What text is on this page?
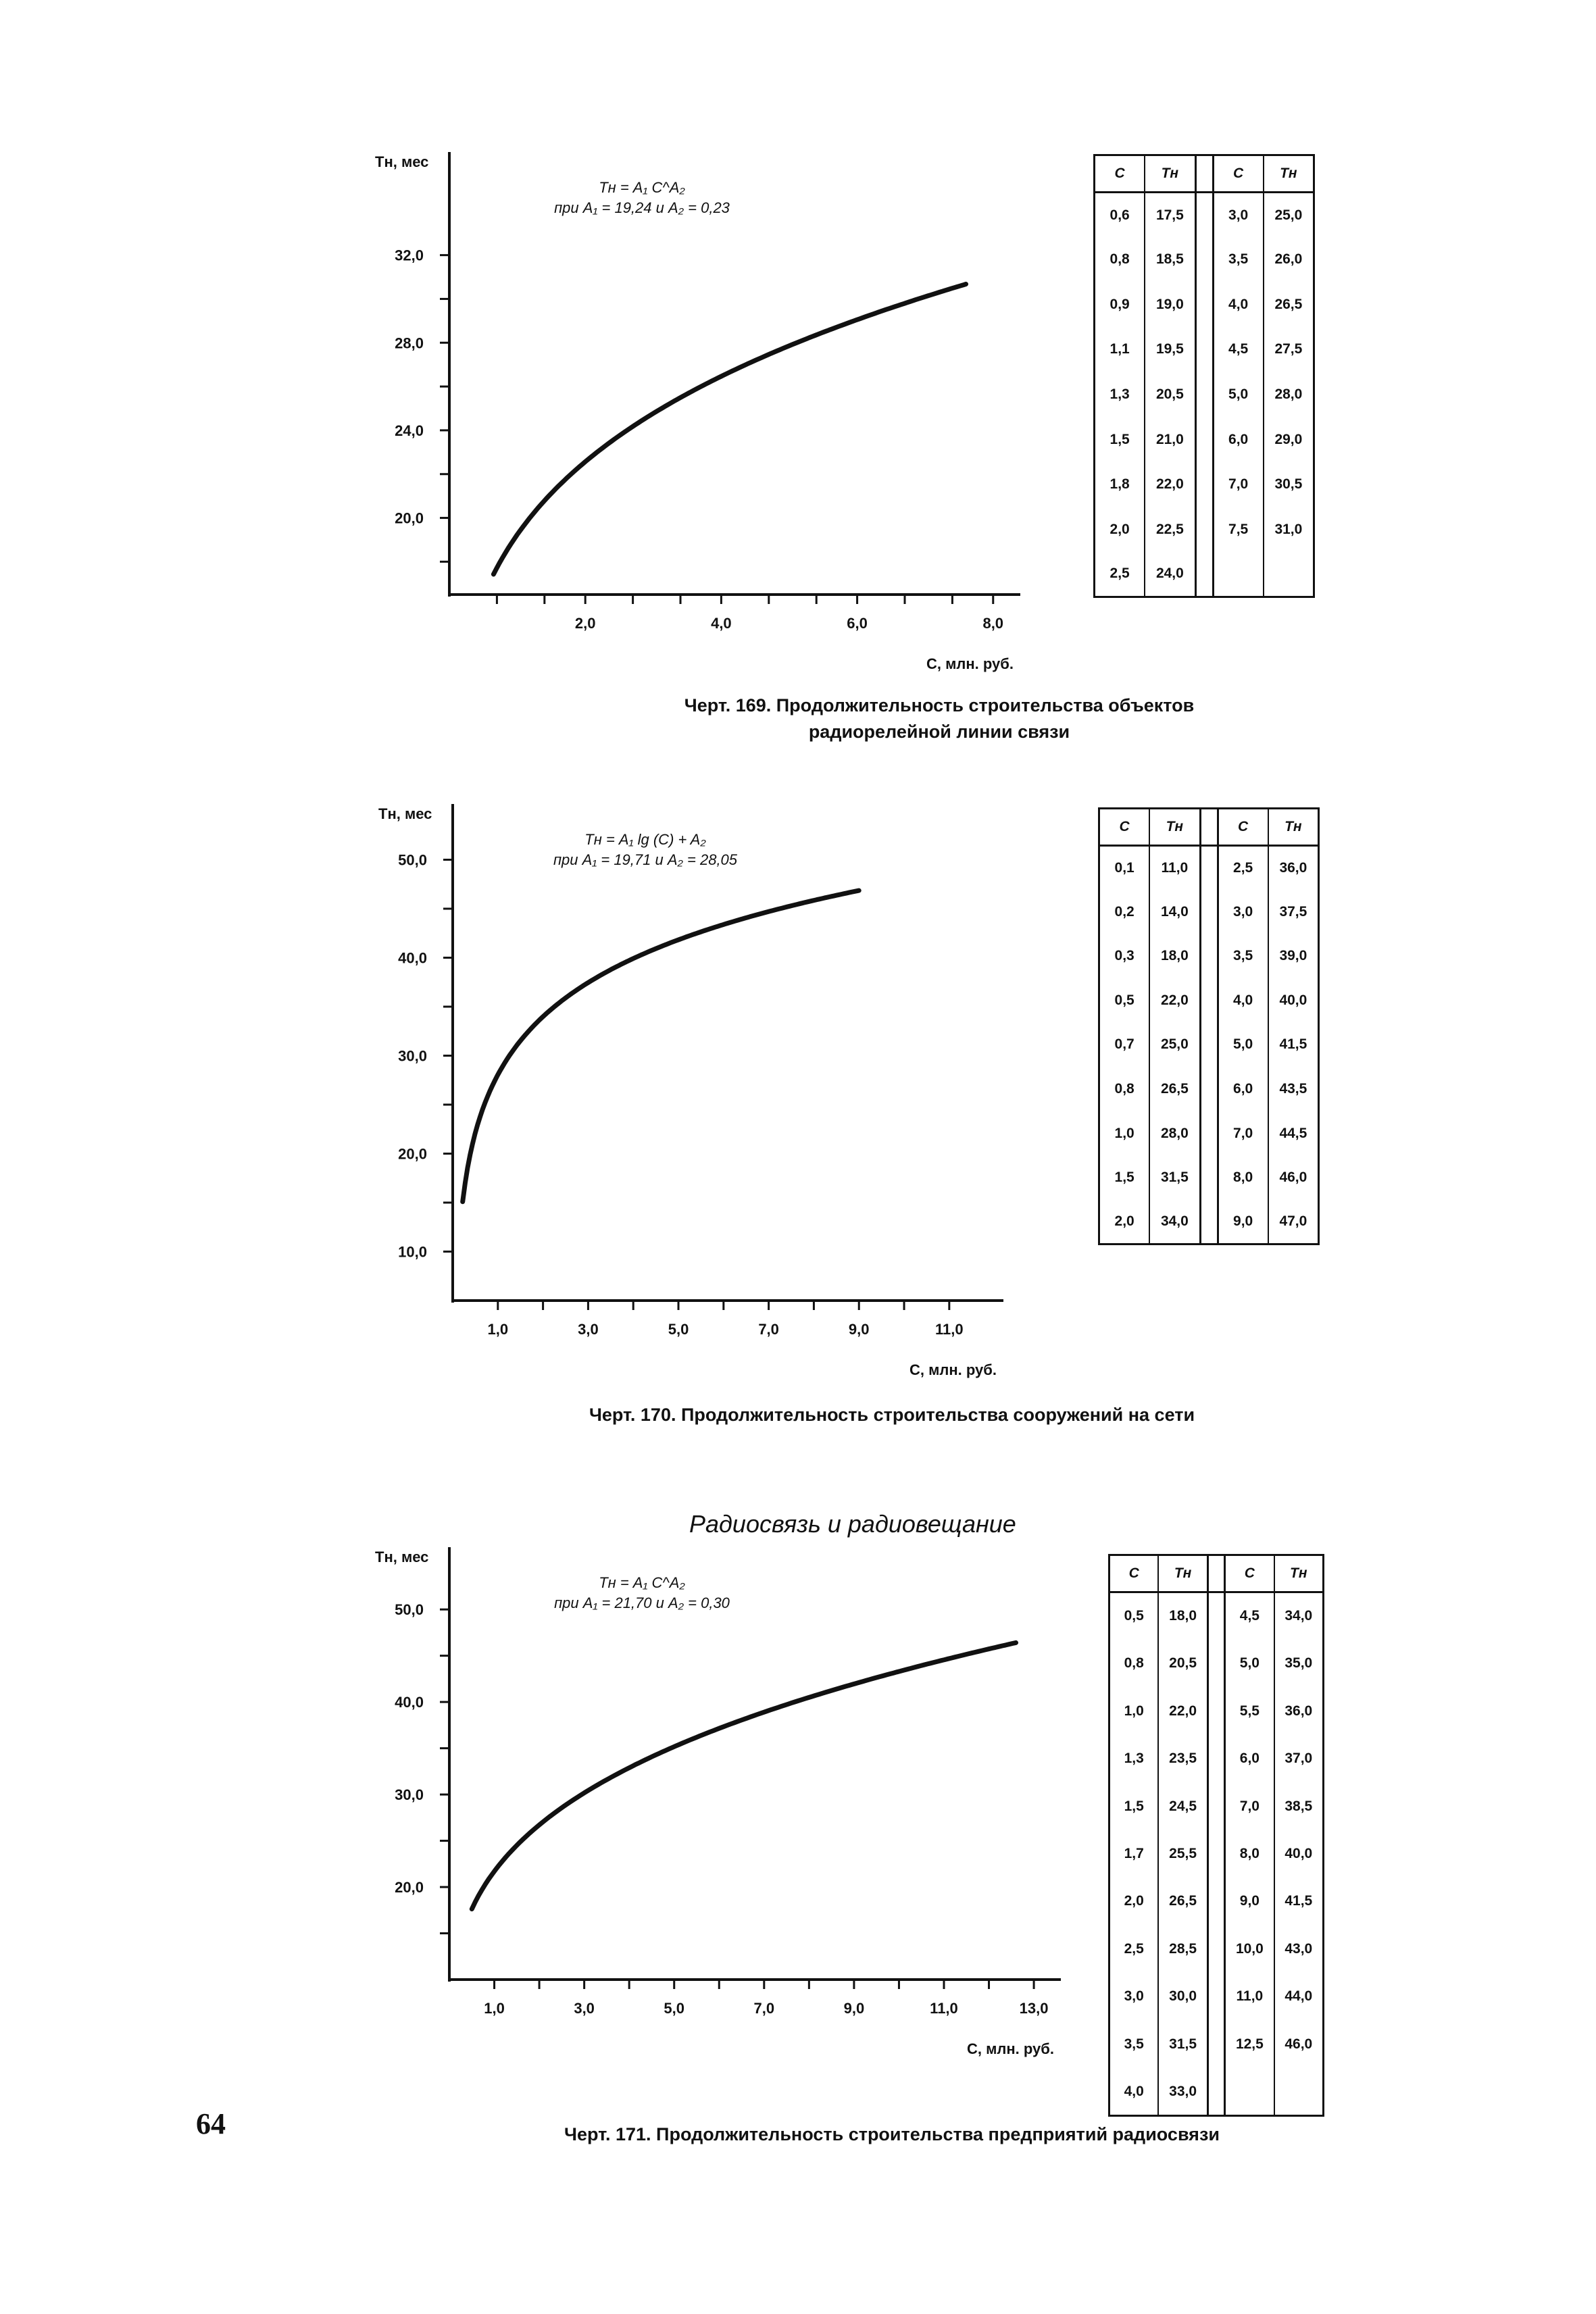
2,0	4,0	6,0	8,0
32,0
28,0
24,0
20,0
Tн, мес
C, млн. руб.
Tн = A₁ C^A₂
при A₁ = 19,24 и A₂ = 0,23
Черт. 169. Продолжительность строительства объектов
радиорелейной линии связи
C	Tн		C	Tн
0,6	17,5		3,0	25,0
0,8	18,5		3,5	26,0
0,9	19,0		4,0	26,5
1,1	19,5		4,5	27,5
1,3	20,5		5,0	28,0
1,5	21,0		6,0	29,0
1,8	22,0		7,0	30,5
2,0	22,5		7,5	31,0
2,5	24,0			
1,0	3,0	5,0	7,0	9,0	11,0
50,0
40,0
30,0
20,0
10,0
Tн, мес
C, млн. руб.
Tн = A₁ lg (C) + A₂
при A₁ = 19,71 и A₂ = 28,05
Черт. 170. Продолжительность строительства сооружений на сети
C	Tн		C	Tн
0,1	11,0		2,5	36,0
0,2	14,0		3,0	37,5
0,3	18,0		3,5	39,0
0,5	22,0		4,0	40,0
0,7	25,0		5,0	41,5
0,8	26,5		6,0	43,5
1,0	28,0		7,0	44,5
1,5	31,5		8,0	46,0
2,0	34,0		9,0	47,0
Радиосвязь и радиовещание
1,0	3,0	5,0	7,0	9,0	11,0	13,0
50,0
40,0
30,0
20,0
Tн, мес
C, млн. руб.
Tн = A₁ C^A₂
при A₁ = 21,70 и A₂ = 0,30
C	Tн		C	Tн
0,5	18,0		4,5	34,0
0,8	20,5		5,0	35,0
1,0	22,0		5,5	36,0
1,3	23,5		6,0	37,0
1,5	24,5		7,0	38,5
1,7	25,5		8,0	40,0
2,0	26,5		9,0	41,5
2,5	28,5		10,0	43,0
3,0	30,0		11,0	44,0
3,5	31,5		12,5	46,0
4,0	33,0			
Черт. 171. Продолжительность строительства предприятий радиосвязи
64
